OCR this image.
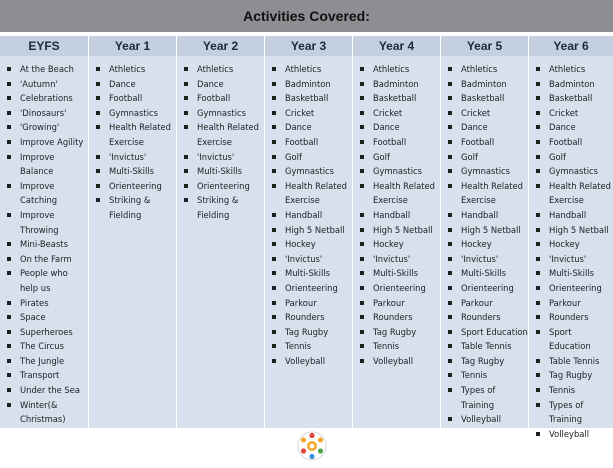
Activities Covered:
EYFS
At the Beach
'Autumn'
Celebrations
'Dinosaurs'
'Growing'
Improve Agility
Improve Balance
Improve Catching
Improve Throwing
Mini-Beasts
On the Farm
People who help us
Pirates
Space
Superheroes
The Circus
The Jungle
Transport
Under the Sea
Winter(& Christmas)
Year 1
Athletics
Dance
Football
Gymnastics
Health Related Exercise
'Invictus'
Multi-Skills
Orienteering
Striking & Fielding
Year 2
Athletics
Dance
Football
Gymnastics
Health Related Exercise
'Invictus'
Multi-Skills
Orienteering
Striking & Fielding
Year 3
Athletics
Badminton
Basketball
Cricket
Dance
Football
Golf
Gymnastics
Health Related Exercise
Handball
High 5 Netball
Hockey
'Invictus'
Multi-Skills
Orienteering
Parkour
Rounders
Tag Rugby
Tennis
Volleyball
Year 4
Athletics
Badminton
Basketball
Cricket
Dance
Football
Golf
Gymnastics
Health Related Exercise
Handball
High 5 Netball
Hockey
'Invictus'
Multi-Skills
Orienteering
Parkour
Rounders
Tag Rugby
Tennis
Volleyball
Year 5
Athletics
Badminton
Basketball
Cricket
Dance
Football
Golf
Gymnastics
Health Related Exercise
Handball
High 5 Netball
Hockey
'Invictus'
Multi-Skills
Orienteering
Parkour
Rounders
Sport Education
Table Tennis
Tag Rugby
Tennis
Types of Training
Volleyball
Year 6
Athletics
Badminton
Basketball
Cricket
Dance
Football
Golf
Gymnastics
Health Related Exercise
Handball
High 5 Netball
Hockey
'Invictus'
Multi-Skills
Orienteering
Parkour
Rounders
Sport Education
Table Tennis
Tag Rugby
Tennis
Types of Training
Volleyball
